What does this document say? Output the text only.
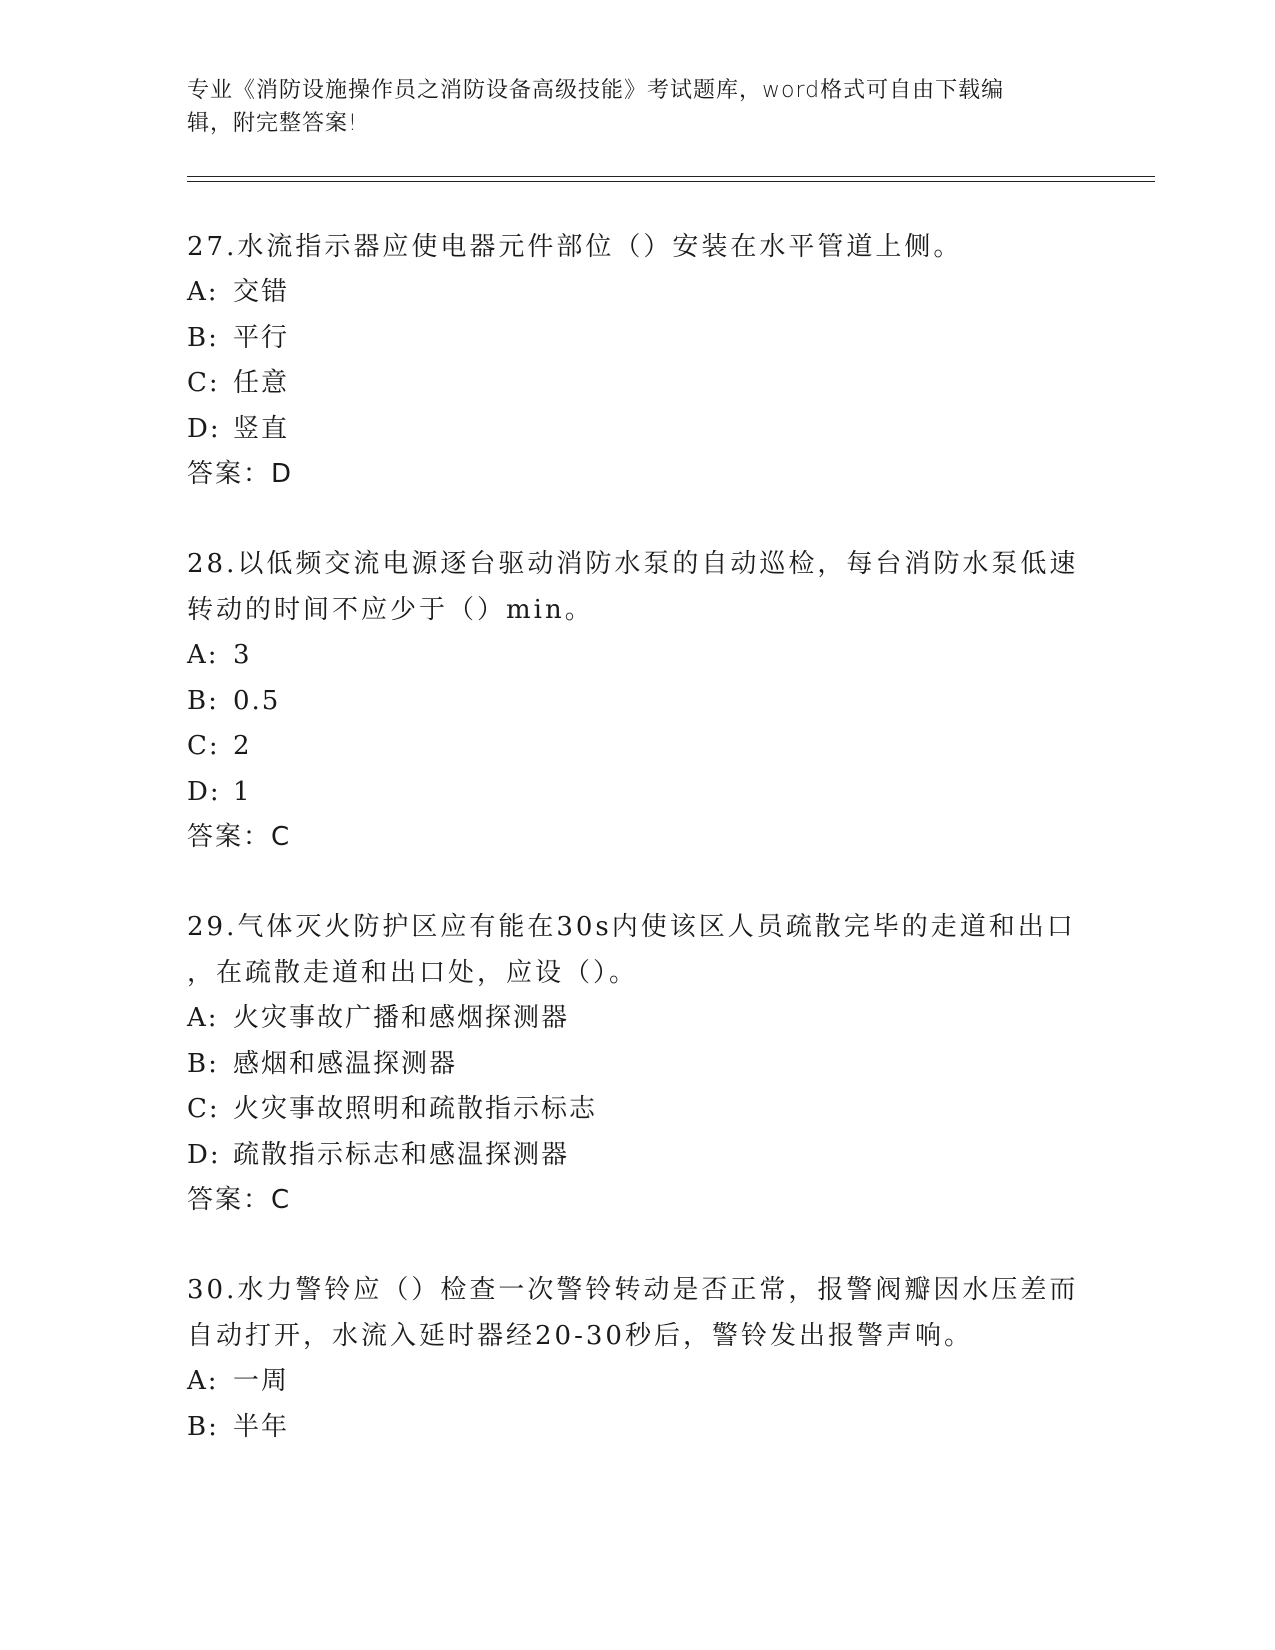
专业《消防设施操作员之消防设备高级技能》考试题库，word格式可自由下载编
辑，附完整答案!
27.水流指示器应使电器元件部位（）安装在水平管道上侧。
A: 交错
B: 平行
C: 任意
D: 竖直
答案：D
28.以低频交流电源逐台驱动消防水泵的自动巡检，每台消防水泵低速
转动的时间不应少于（）min。
A: 3
B: 0.5
C: 2
D: 1
答案：C
29.气体灭火防护区应有能在30s内使该区人员疏散完毕的走道和出口
，在疏散走道和出口处，应设（）。
A: 火灾事故广播和感烟探测器
B: 感烟和感温探测器
C: 火灾事故照明和疏散指示标志
D: 疏散指示标志和感温探测器
答案：C
30.水力警铃应（）检查一次警铃转动是否正常，报警阀瓣因水压差而
自动打开，水流入延时器经20-30秒后，警铃发出报警声响。
A: 一周
B: 半年
